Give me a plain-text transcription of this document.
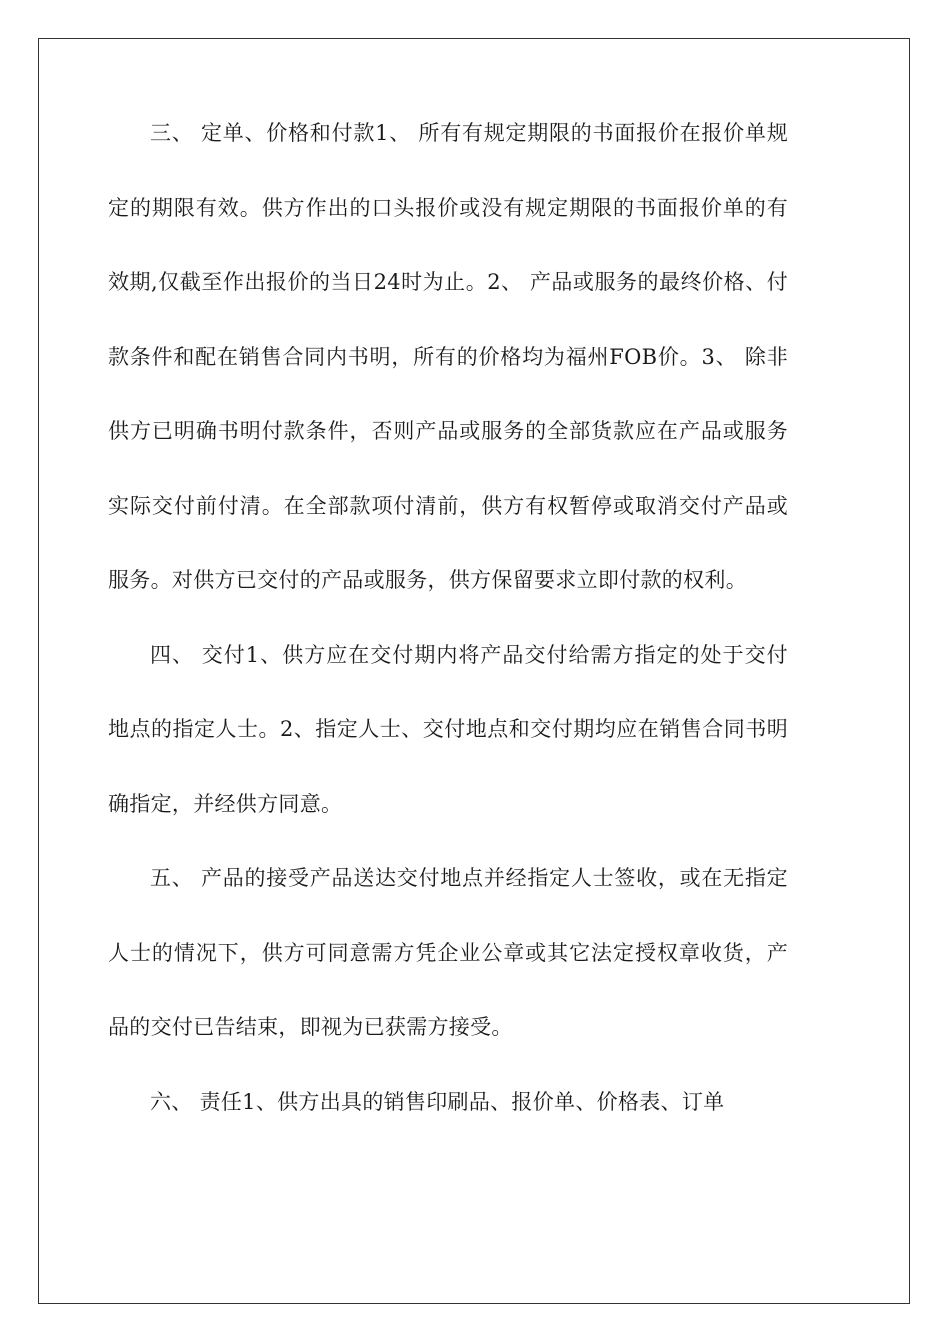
三、 定单、价格和付款1、 所有有规定期限的书面报价在报价单规定的期限有效。供方作出的口头报价或没有规定期限的书面报价单的有效期,仅截至作出报价的当日24时为止。2、 产品或服务的最终价格、付款条件和配在销售合同内书明，所有的价格均为福州FOB价。3、 除非供方已明确书明付款条件，否则产品或服务的全部货款应在产品或服务实际交付前付清。在全部款项付清前，供方有权暂停或取消交付产品或服务。对供方已交付的产品或服务，供方保留要求立即付款的权利。

四、 交付1、供方应在交付期内将产品交付给需方指定的处于交付地点的指定人士。2、指定人士、交付地点和交付期均应在销售合同书明确指定，并经供方同意。

五、 产品的接受产品送达交付地点并经指定人士签收，或在无指定人士的情况下，供方可同意需方凭企业公章或其它法定授权章收货，产品的交付已告结束，即视为已获需方接受。

六、 责任1、供方出具的销售印刷品、报价单、价格表、订单
